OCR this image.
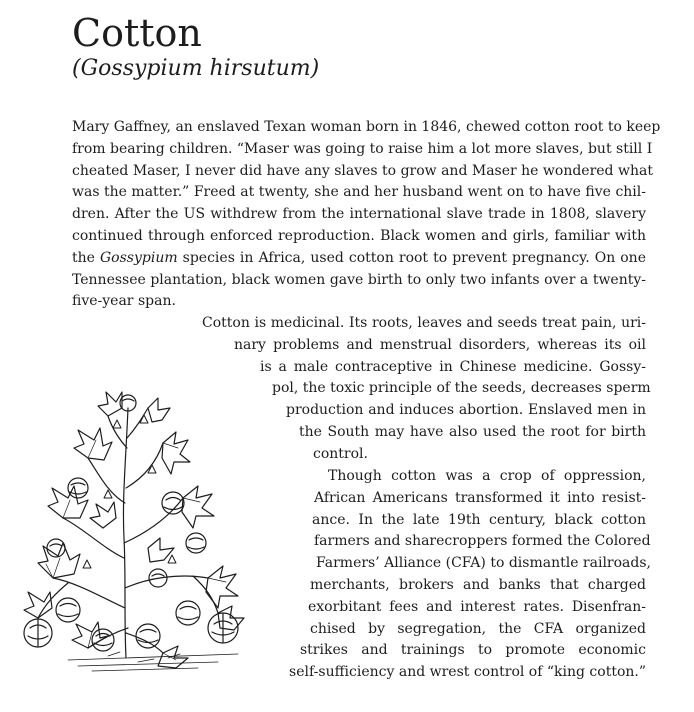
Cotton
(Gossypium hirsutum)
Mary Gaffney, an enslaved Texan woman born in 1846, chewed cotton root to keep
from bearing children. “Maser was going to raise him a lot more slaves, but still I
cheated Maser, I never did have any slaves to grow and Maser he wondered what
was the matter.” Freed at twenty, she and her husband went on to have five chil-
dren. After the US withdrew from the international slave trade in 1808, slavery
continued through enforced reproduction. Black women and girls, familiar with
the Gossypium species in Africa, used cotton root to prevent pregnancy. On one
Tennessee plantation, black women gave birth to only two infants over a twenty-
five-year span.
Cotton is medicinal. Its roots, leaves and seeds treat pain, uri-
nary problems and menstrual disorders, whereas its oil
is a male contraceptive in Chinese medicine. Gossy-
pol, the toxic principle of the seeds, decreases sperm
production and induces abortion. Enslaved men in
the South may have also used the root for birth
control.
Though cotton was a crop of oppression,
African Americans transformed it into resist-
ance. In the late 19th century, black cotton
farmers and sharecroppers formed the Colored
Farmers’ Alliance (CFA) to dismantle railroads,
merchants, brokers and banks that charged
exorbitant fees and interest rates. Disenfran-
chised by segregation, the CFA organized
strikes and trainings to promote economic
self-sufficiency and wrest control of “king cotton.”
